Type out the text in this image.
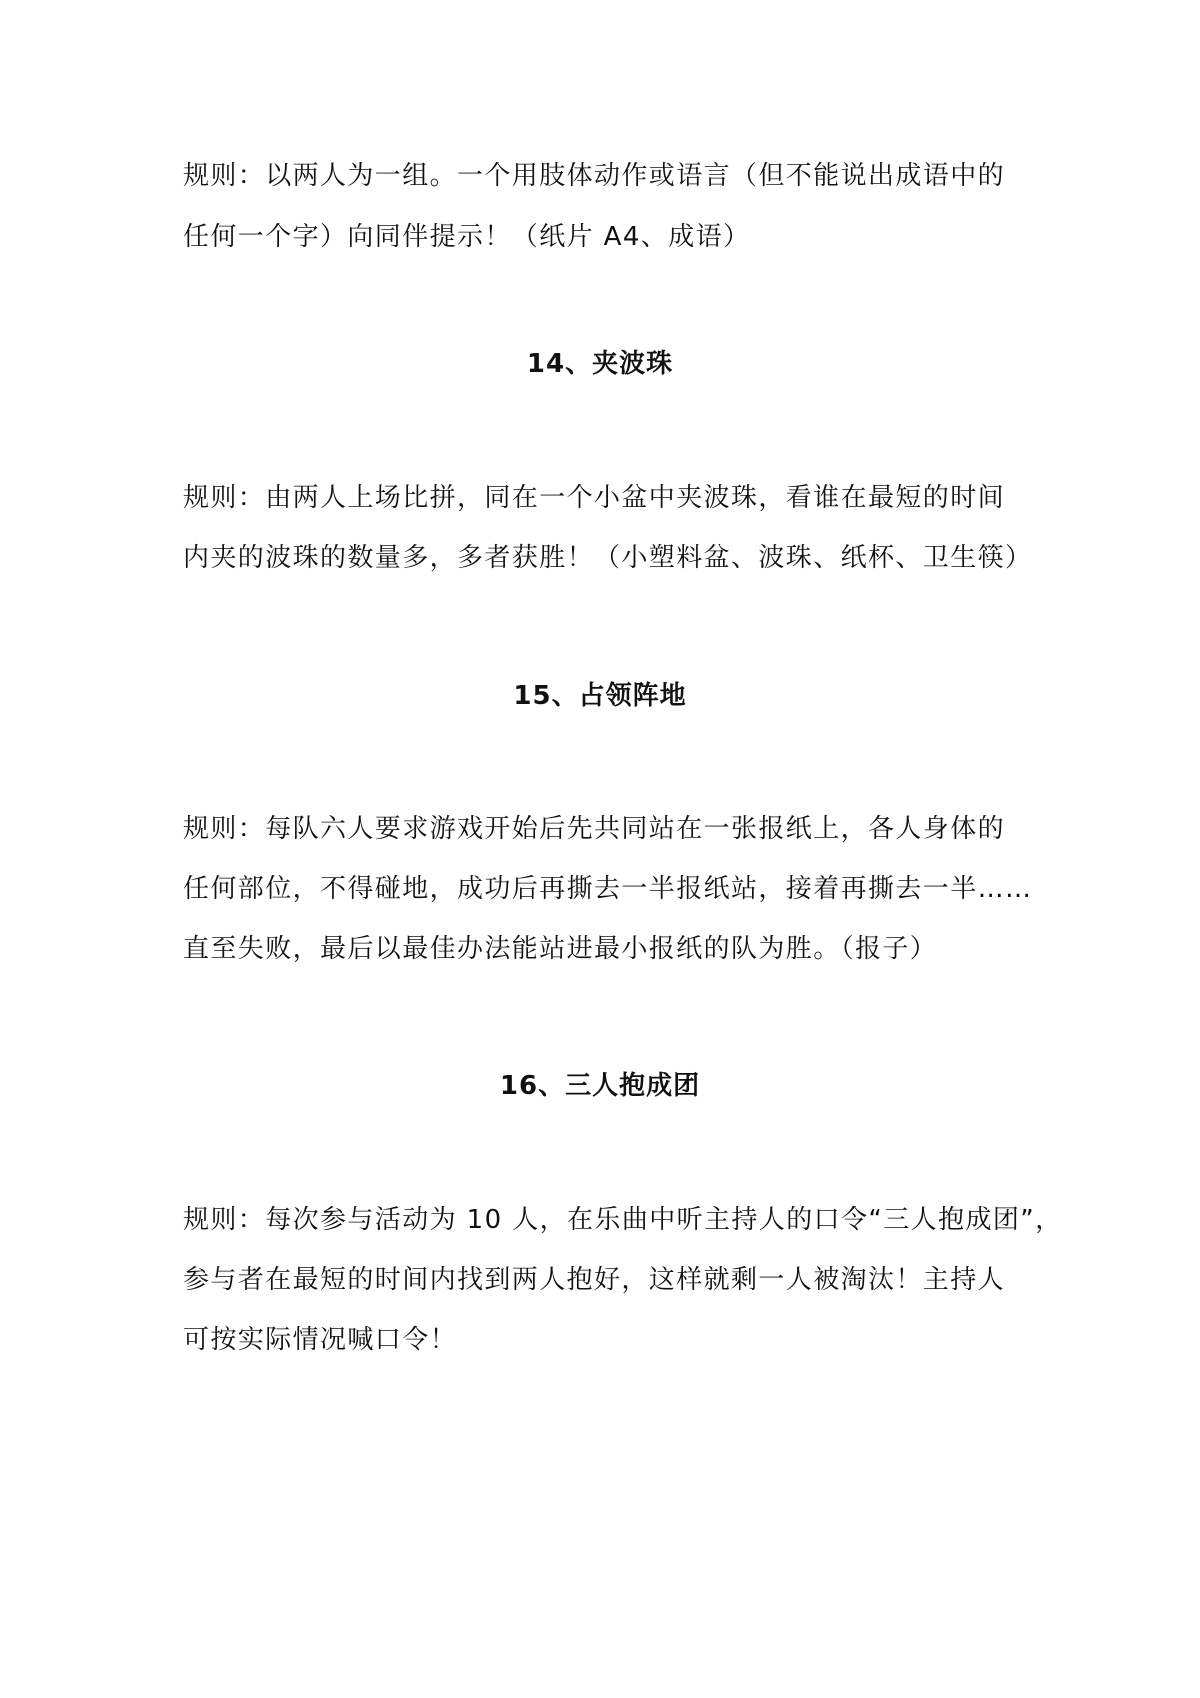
规则：以两人为一组。一个用肢体动作或语言（但不能说出成语中的
任何一个字）向同伴提示！（纸片 A4、成语）
14、夹波珠
规则：由两人上场比拼，同在一个小盆中夹波珠，看谁在最短的时间
内夹的波珠的数量多，多者获胜！（小塑料盆、波珠、纸杯、卫生筷）
15、占领阵地
规则：每队六人要求游戏开始后先共同站在一张报纸上，各人身体的
任何部位，不得碰地，成功后再撕去一半报纸站，接着再撕去一半……
直至失败，最后以最佳办法能站进最小报纸的队为胜。（报子）
16、三人抱成团
规则：每次参与活动为 10 人，在乐曲中听主持人的口令“三人抱成团”，
参与者在最短的时间内找到两人抱好，这样就剩一人被淘汰！主持人
可按实际情况喊口令！
